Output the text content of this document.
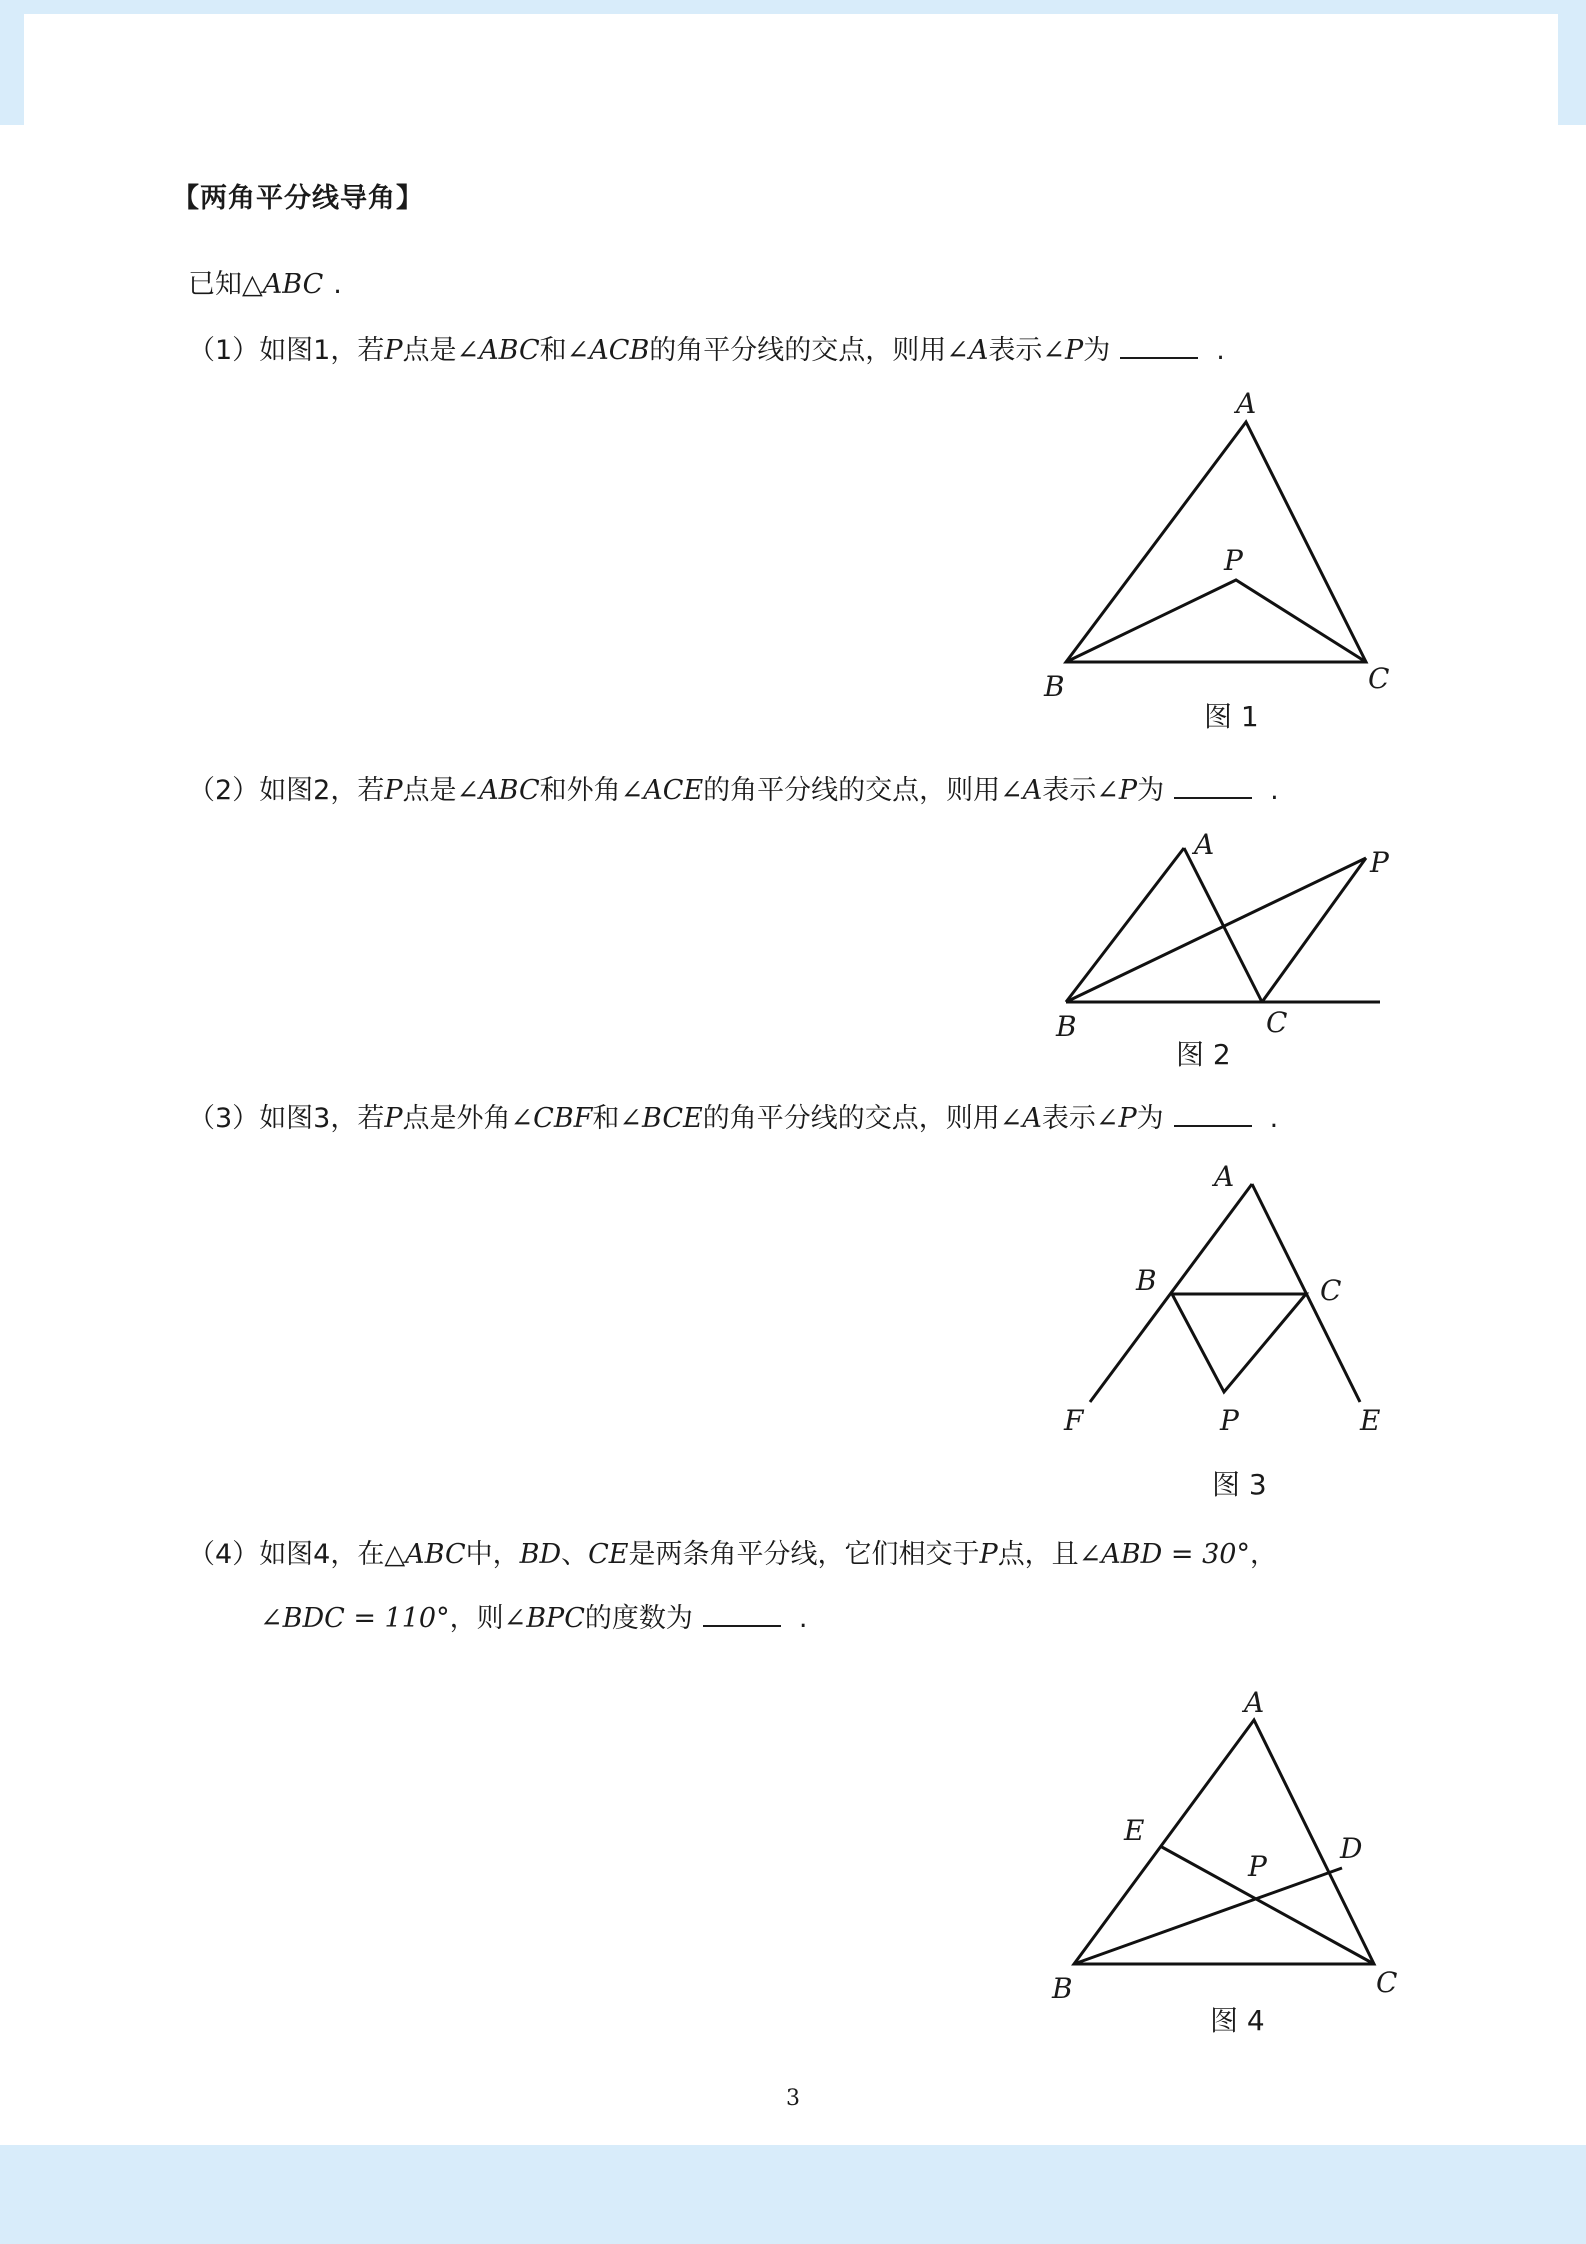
【两角平分线导角】
已知△ABC .
（1）如图1，若P点是∠ABC和∠ACB的角平分线的交点，则用∠A表示∠P为	.
A
B	C
P
图 1
（2）如图2，若P点是∠ABC和外角∠ACE的角平分线的交点，则用∠A表示∠P为	.
A
B	C
P
图 2
（3）如图3，若P点是外角∠CBF和∠BCE的角平分线的交点，则用∠A表示∠P为	.
A
B	C
F	P	E
图 3
（4）如图4，在△ABC中，BD、CE是两条角平分线，它们相交于P点，且∠ABD = 30°，
∠BDC = 110°，则∠BPC的度数为	.
A
B	C
D
E
P
图 4
3
